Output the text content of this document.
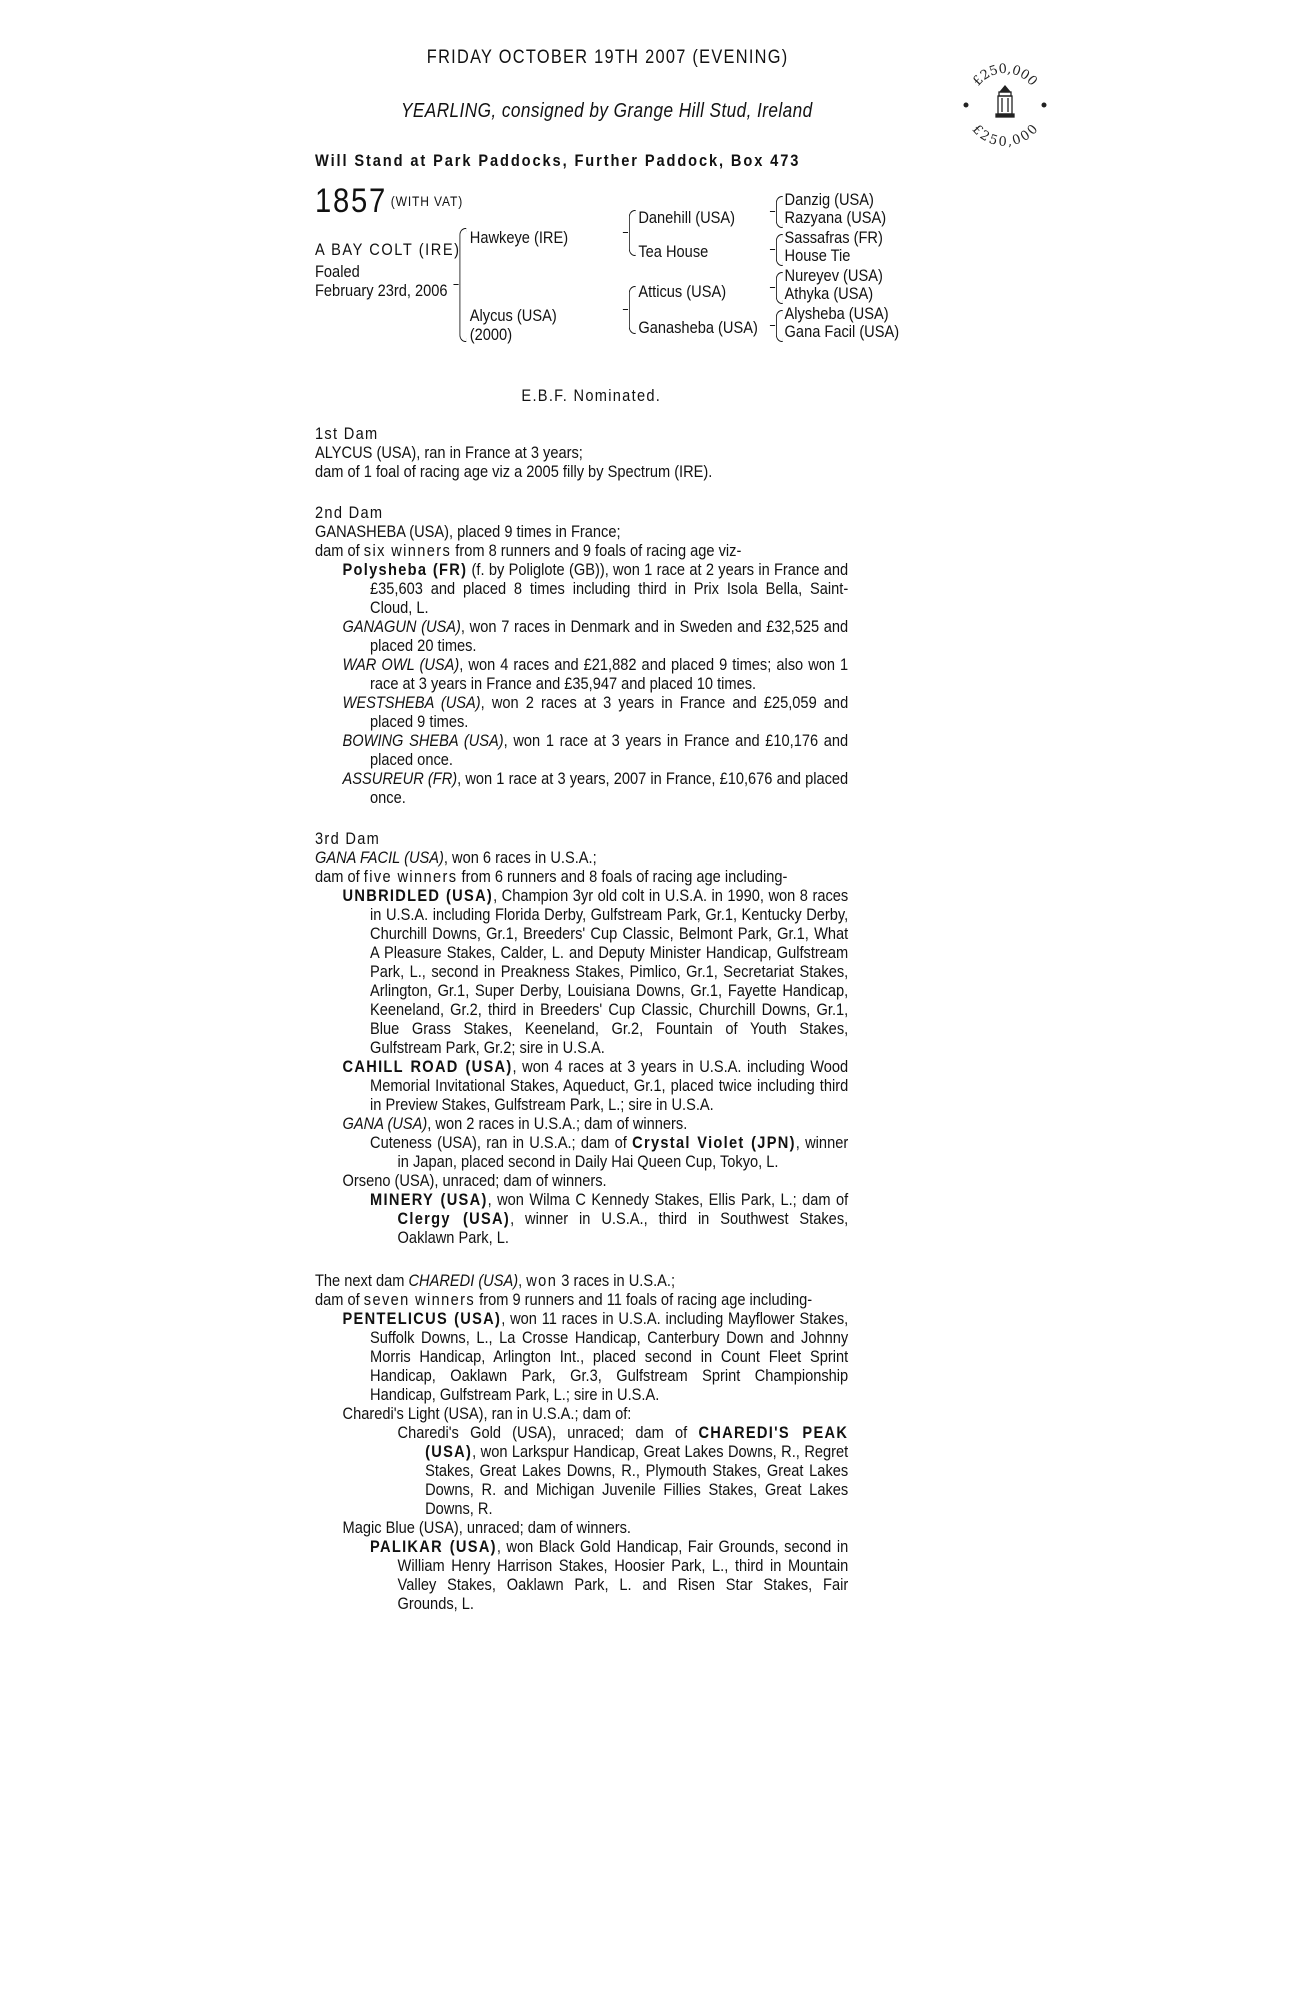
FRIDAY OCTOBER 19TH 2007 (EVENING)
YEARLING, consigned by Grange Hill Stud, Ireland
Will Stand at Park Paddocks, Further Paddock, Box 473
1857 (WITH VAT)
A BAY COLT (IRE)
Foaled
February 23rd, 2006
Hawkeye (IRE)
Alycus (USA)
(2000)
Danehill (USA)
Tea House
Atticus (USA)
Ganasheba (USA)
Danzig (USA)
Razyana (USA)
Sassafras (FR)
House Tie
Nureyev (USA)
Athyka (USA)
Alysheba (USA)
Gana Facil (USA)
E.B.F. Nominated.
1st Dam
ALYCUS (USA), ran in France at 3 years;
dam of 1 foal of racing age viz a 2005 filly by Spectrum (IRE).
2nd Dam
GANASHEBA (USA), placed 9 times in France;
dam of six winners from 8 runners and 9 foals of racing age viz-
Polysheba (FR) (f. by Poliglote (GB)), won 1 race at 2 years in France and £35,603 and placed 8 times including third in Prix Isola Bella, Saint-Cloud, L.
GANAGUN (USA), won 7 races in Denmark and in Sweden and £32,525 and placed 20 times.
WAR OWL (USA), won 4 races and £21,882 and placed 9 times; also won 1 race at 3 years in France and £35,947 and placed 10 times.
WESTSHEBA (USA), won 2 races at 3 years in France and £25,059 and placed 9 times.
BOWING SHEBA (USA), won 1 race at 3 years in France and £10,176 and placed once.
ASSUREUR (FR), won 1 race at 3 years, 2007 in France, £10,676 and placed once.
3rd Dam
GANA FACIL (USA), won 6 races in U.S.A.;
dam of five winners from 6 runners and 8 foals of racing age including-
UNBRIDLED (USA), Champion 3yr old colt in U.S.A. in 1990, won 8 races in U.S.A. including Florida Derby, Gulfstream Park, Gr.1, Kentucky Derby, Churchill Downs, Gr.1, Breeders' Cup Classic, Belmont Park, Gr.1, What A Pleasure Stakes, Calder, L. and Deputy Minister Handicap, Gulfstream Park, L., second in Preakness Stakes, Pimlico, Gr.1, Secretariat Stakes, Arlington, Gr.1, Super Derby, Louisiana Downs, Gr.1, Fayette Handicap, Keeneland, Gr.2, third in Breeders' Cup Classic, Churchill Downs, Gr.1, Blue Grass Stakes, Keeneland, Gr.2, Fountain of Youth Stakes, Gulfstream Park, Gr.2; sire in U.S.A.
CAHILL ROAD (USA), won 4 races at 3 years in U.S.A. including Wood Memorial Invitational Stakes, Aqueduct, Gr.1, placed twice including third in Preview Stakes, Gulfstream Park, L.; sire in U.S.A.
GANA (USA), won 2 races in U.S.A.; dam of winners.
Cuteness (USA), ran in U.S.A.; dam of Crystal Violet (JPN), winner in Japan, placed second in Daily Hai Queen Cup, Tokyo, L.
Orseno (USA), unraced; dam of winners.
MINERY (USA), won Wilma C Kennedy Stakes, Ellis Park, L.; dam of Clergy (USA), winner in U.S.A., third in Southwest Stakes, Oaklawn Park, L.
The next dam CHAREDI (USA), won 3 races in U.S.A.;
dam of seven winners from 9 runners and 11 foals of racing age including-
PENTELICUS (USA), won 11 races in U.S.A. including Mayflower Stakes, Suffolk Downs, L., La Crosse Handicap, Canterbury Down and Johnny Morris Handicap, Arlington Int., placed second in Count Fleet Sprint Handicap, Oaklawn Park, Gr.3, Gulfstream Sprint Championship Handicap, Gulfstream Park, L.; sire in U.S.A.
Charedi's Light (USA), ran in U.S.A.; dam of:
Charedi's Gold (USA), unraced; dam of CHAREDI'S PEAK (USA), won Larkspur Handicap, Great Lakes Downs, R., Regret Stakes, Great Lakes Downs, R., Plymouth Stakes, Great Lakes Downs, R. and Michigan Juvenile Fillies Stakes, Great Lakes Downs, R.
Magic Blue (USA), unraced; dam of winners.
PALIKAR (USA), won Black Gold Handicap, Fair Grounds, second in William Henry Harrison Stakes, Hoosier Park, L., third in Mountain Valley Stakes, Oaklawn Park, L. and Risen Star Stakes, Fair Grounds, L.
£250,000
£250,000
